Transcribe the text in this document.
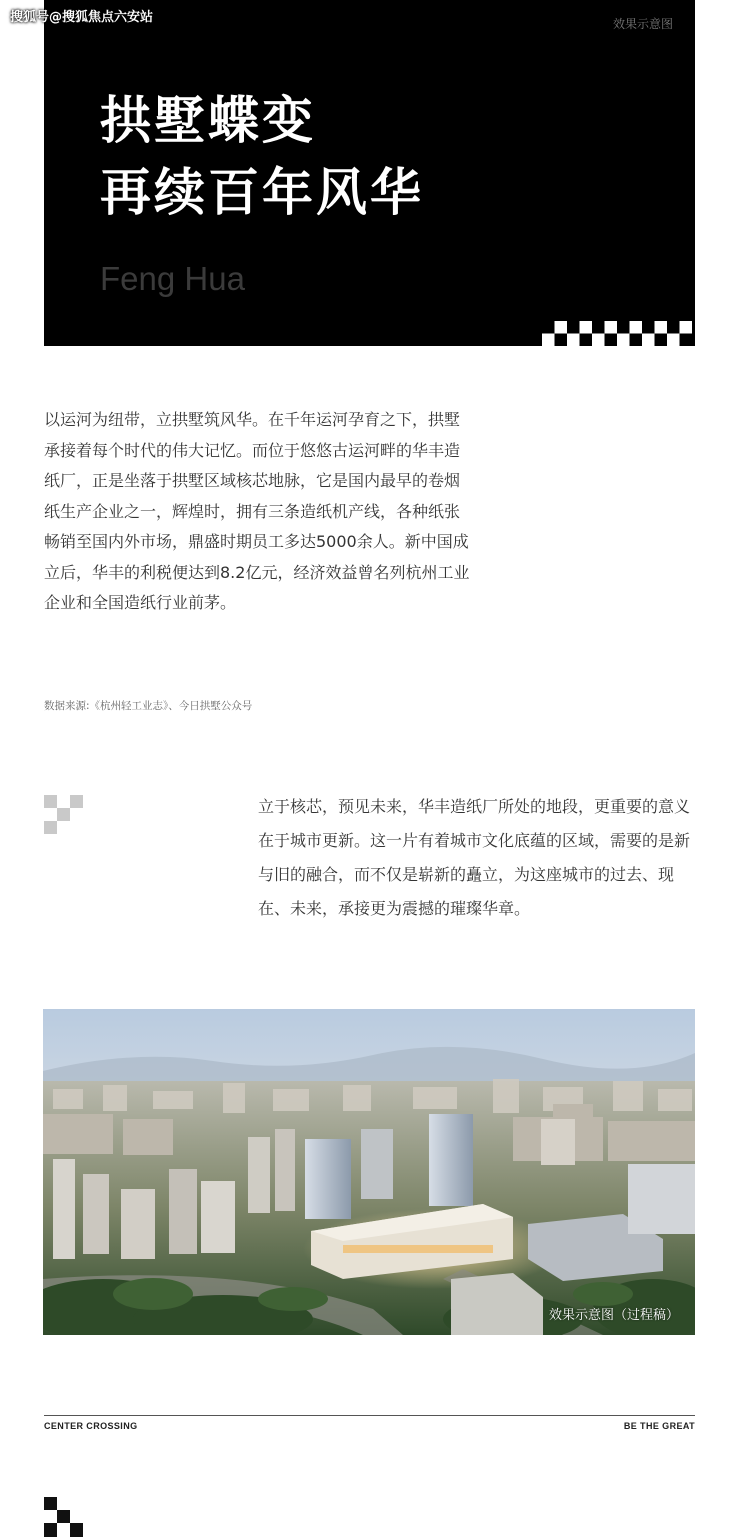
搜狐号@搜狐焦点六安站	效果示意图

拱墅蝶变
再续百年风华

Feng Hua

以运河为纽带，立拱墅筑风华。在千年运河孕育之下，拱墅承接着每个时代的伟大记忆。而位于悠悠古运河畔的华丰造纸厂，正是坐落于拱墅区域核芯地脉，它是国内最早的卷烟纸生产企业之一，辉煌时，拥有三条造纸机产线，各种纸张畅销至国内外市场，鼎盛时期员工多达5000余人。新中国成立后，华丰的利税便达到8.2亿元，经济效益曾名列杭州工业企业和全国造纸行业前茅。

数据来源:《杭州轻工业志》、今日拱墅公众号

立于核芯，预见未来，华丰造纸厂所处的地段，更重要的意义在于城市更新。这一片有着城市文化底蕴的区域，需要的是新与旧的融合，而不仅是崭新的矗立，为这座城市的过去、现在、未来，承接更为震撼的璀璨华章。

效果示意图（过程稿）

CENTER CROSSING	BE THE GREAT
